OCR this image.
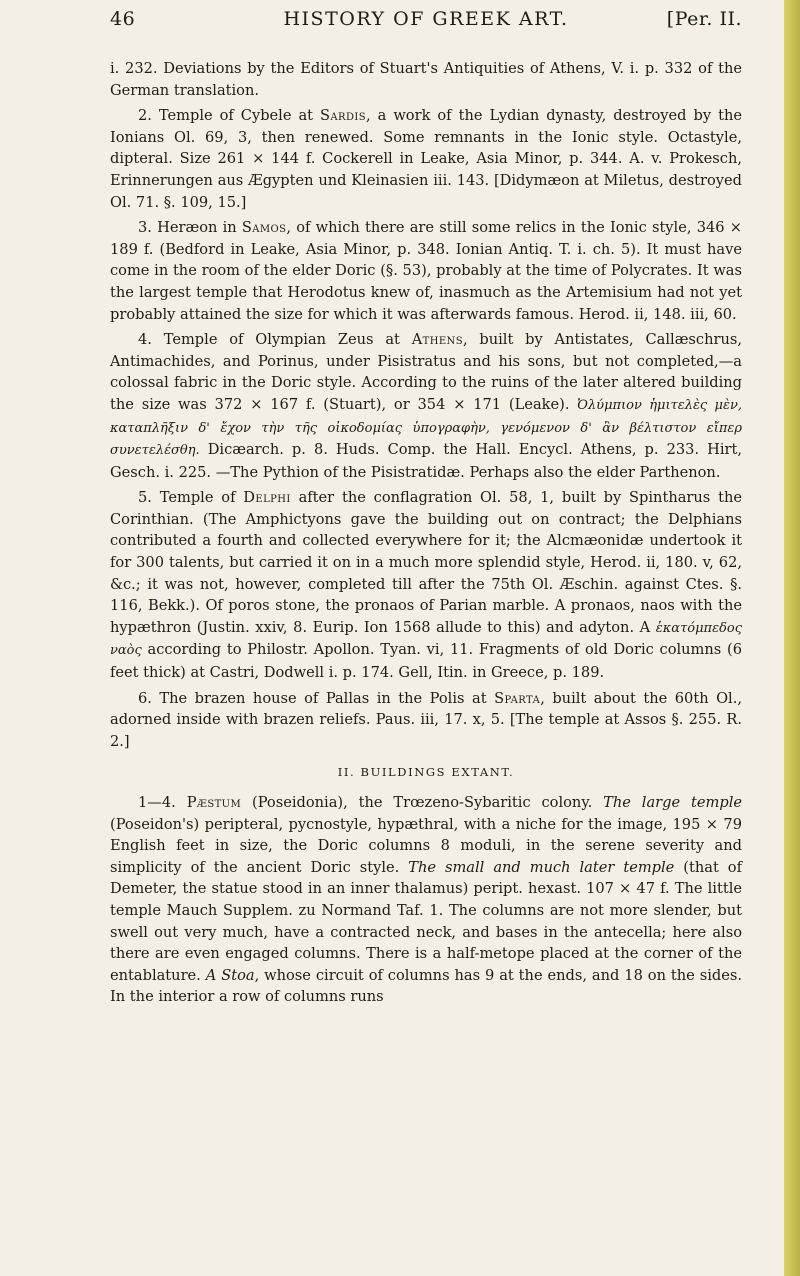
46	HISTORY OF GREEK ART.	[Per. II.

i. 232. Deviations by the Editors of Stuart's Antiquities of Athens, V. i. p. 332 of the German translation.

2. Temple of Cybele at Sardis, a work of the Lydian dynasty, destroyed by the Ionians Ol. 69, 3, then renewed. Some remnants in the Ionic style. Octastyle, dipteral. Size 261 × 144 f. Cockerell in Leake, Asia Minor, p. 344. A. v. Prokesch, Erinnerungen aus Ægypten und Kleinasien iii. 143. [Didymæon at Miletus, destroyed Ol. 71. §. 109, 15.]

3. Heræon in Samos, of which there are still some relics in the Ionic style, 346 × 189 f. (Bedford in Leake, Asia Minor, p. 348. Ionian Antiq. T. i. ch. 5). It must have come in the room of the elder Doric (§. 53), probably at the time of Polycrates. It was the largest temple that Herodotus knew of, inasmuch as the Artemisium had not yet probably attained the size for which it was afterwards famous. Herod. ii, 148. iii, 60.

4. Temple of Olympian Zeus at Athens, built by Antistates, Callæschrus, Antimachides, and Porinus, under Pisistratus and his sons, but not completed,—a colossal fabric in the Doric style. According to the ruins of the later altered building the size was 372 × 167 f. (Stuart), or 354 × 171 (Leake). Ὀλύμπιον ἡμιτελὲς μὲν, καταπλῆξιν δ' ἔχον τὴν τῆς οἰκοδομίας ὑπογραφὴν, γενόμενον δ' ἂν βέλτιστον εἴπερ συνετελέσθη. Dicæarch. p. 8. Huds. Comp. the Hall. Encycl. Athens, p. 233. Hirt, Gesch. i. 225. —The Pythion of the Pisistratidæ. Perhaps also the elder Parthenon.

5. Temple of Delphi after the conflagration Ol. 58, 1, built by Spintharus the Corinthian. (The Amphictyons gave the building out on contract; the Delphians contributed a fourth and collected everywhere for it; the Alcmæonidæ undertook it for 300 talents, but carried it on in a much more splendid style, Herod. ii, 180. v, 62, &c.; it was not, however, completed till after the 75th Ol. Æschin. against Ctes. §. 116, Bekk.). Of poros stone, the pronaos of Parian marble. A pronaos, naos with the hypæthron (Justin. xxiv, 8. Eurip. Ion 1568 allude to this) and adyton. A ἑκατόμπεδος ναὸς according to Philostr. Apollon. Tyan. vi, 11. Fragments of old Doric columns (6 feet thick) at Castri, Dodwell i. p. 174. Gell, Itin. in Greece, p. 189.

6. The brazen house of Pallas in the Polis at Sparta, built about the 60th Ol., adorned inside with brazen reliefs. Paus. iii, 17. x, 5. [The temple at Assos §. 255. R. 2.]

II. BUILDINGS EXTANT.

1—4. Pæstum (Poseidonia), the Trœzeno-Sybaritic colony. The large temple (Poseidon's) peripteral, pycnostyle, hypæthral, with a niche for the image, 195 × 79 English feet in size, the Doric columns 8 moduli, in the serene severity and simplicity of the ancient Doric style. The small and much later temple (that of Demeter, the statue stood in an inner thalamus) peript. hexast. 107 × 47 f. The little temple Mauch Supplem. zu Normand Taf. 1. The columns are not more slender, but swell out very much, have a contracted neck, and bases in the antecella; here also there are even engaged columns. There is a half-metope placed at the corner of the entablature. A Stoa, whose circuit of columns has 9 at the ends, and 18 on the sides. In the interior a row of columns runs
